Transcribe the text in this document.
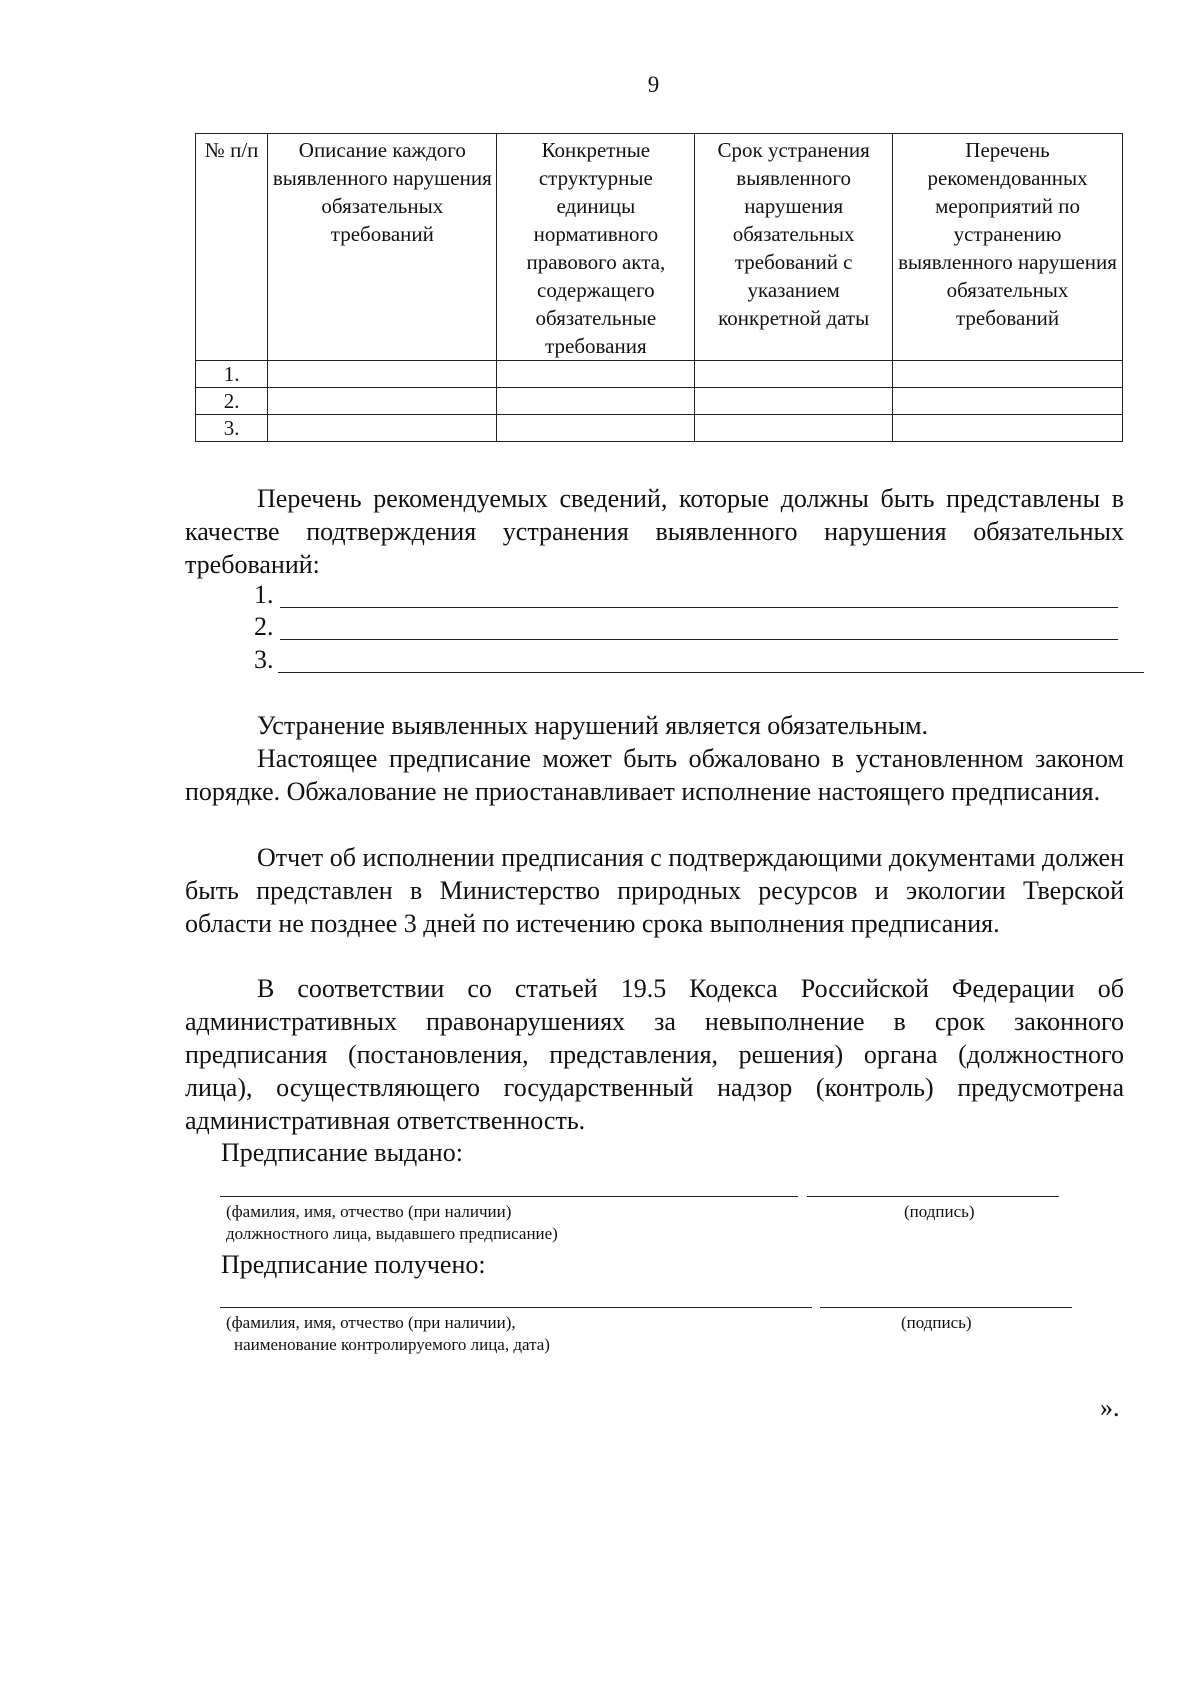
9
№ п/п	Описание каждого выявленного нарушения обязательных требований	Конкретные структурные единицы нормативного правового акта, содержащего обязательные требования	Срок устранения выявленного нарушения обязательных требований с указанием конкретной даты	Перечень рекомендованных мероприятий по устранению выявленного нарушения обязательных требований
1.				
2.				
3.				
Перечень рекомендуемых сведений, которые должны быть представлены в качестве подтверждения устранения выявленного нарушения обязательных требований:
1.
2.
3.
Устранение выявленных нарушений является обязательным.
Настоящее предписание может быть обжаловано в установленном законом порядке. Обжалование не приостанавливает исполнение настоящего предписания.
Отчет об исполнении предписания с подтверждающими документами должен быть представлен в Министерство природных ресурсов и экологии Тверской области не позднее 3 дней по истечению срока выполнения предписания.
В соответствии со статьей 19.5 Кодекса Российской Федерации об административных правонарушениях за невыполнение в срок законного предписания (постановления, представления, решения) органа (должностного лица), осуществляющего государственный надзор (контроль) предусмотрена административная ответственность.
Предписание выдано:
(фамилия, имя, отчество (при наличии)
должностного лица, выдавшего предписание)
(подпись)
Предписание получено:
(фамилия, имя, отчество (при наличии),
наименование контролируемого лица, дата)
(подпись)
».
